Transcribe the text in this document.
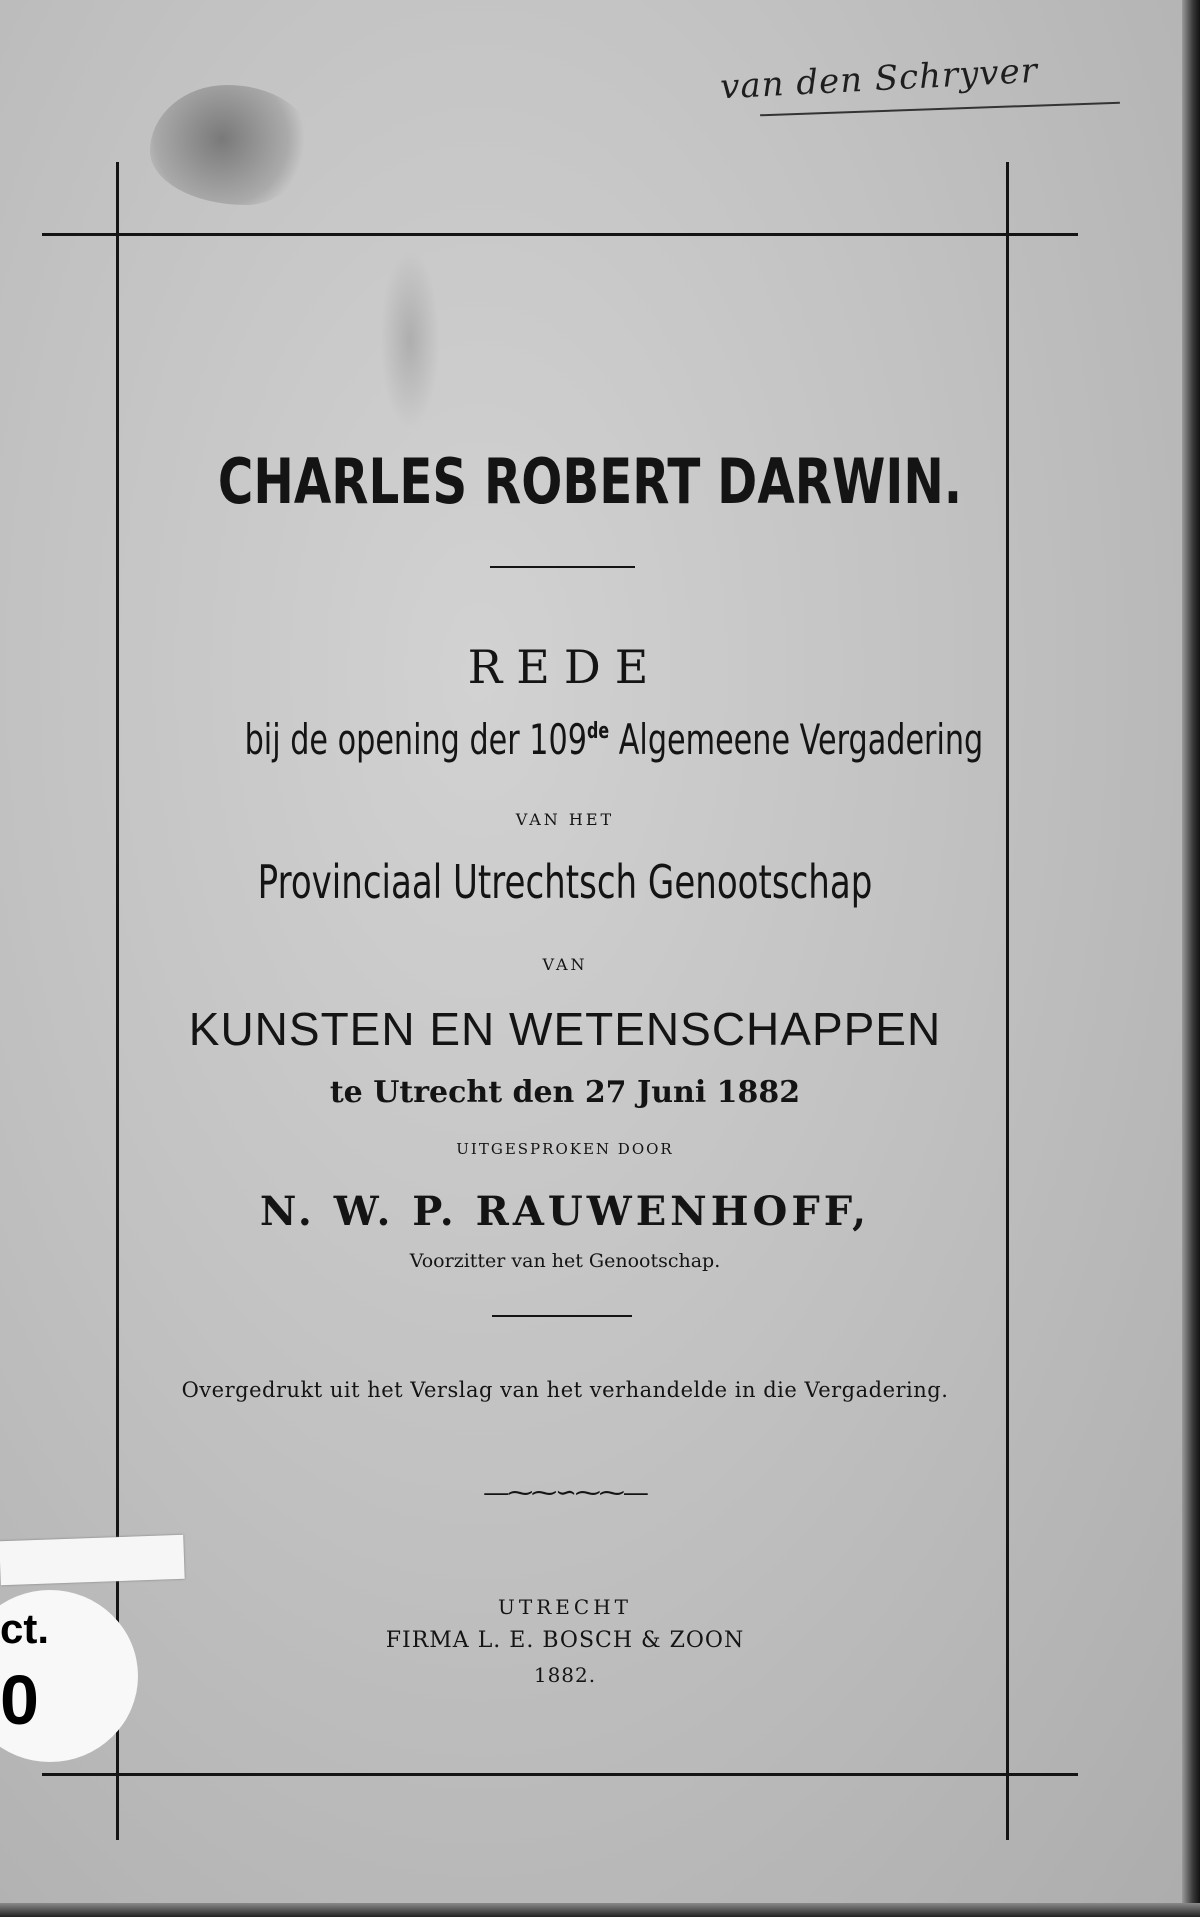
van den Schryver
CHARLES ROBERT DARWIN.
REDE
bij de opening der 109de Algemeene Vergadering
VAN HET
Provinciaal Utrechtsch Genootschap
VAN
KUNSTEN EN WETENSCHAPPEN
te Utrecht den 27 Juni 1882
UITGESPROKEN DOOR
N. W. P. RAUWENHOFF,
Voorzitter van het Genootschap.
Overgedrukt uit het Verslag van het verhandelde in die Vergadering.
—⁓⁓∽⁓⁓—
UTRECHT
FIRMA L. E. BOSCH & ZOON
1882.
ct.
0
